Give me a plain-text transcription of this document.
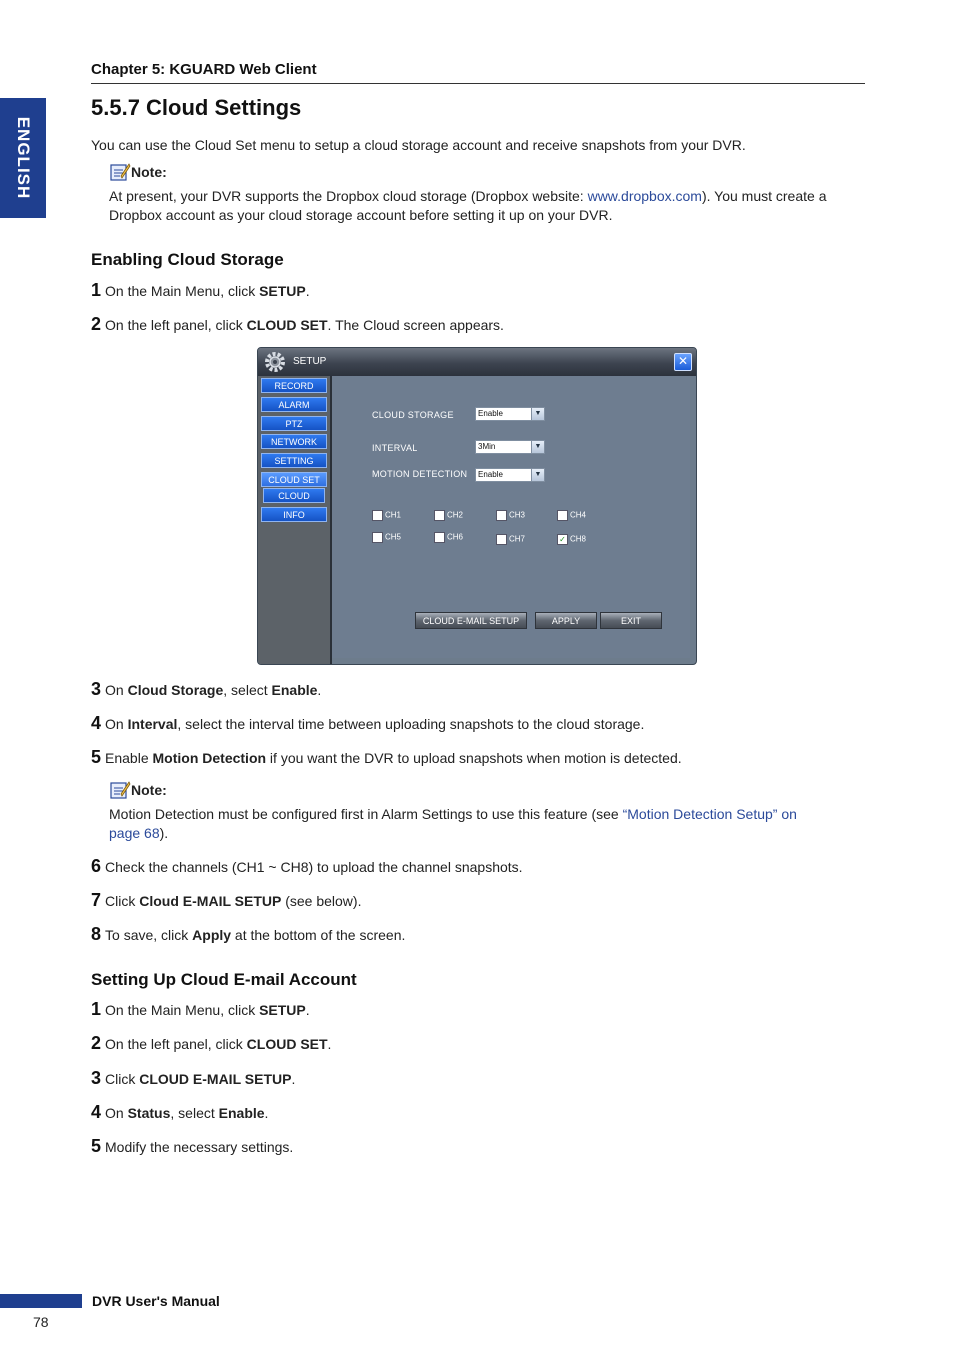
Chapter 5: KGUARD Web Client
ENGLISH
5.5.7 Cloud Settings
You can use the Cloud Set menu to setup a cloud storage account and receive snapshots from your DVR.
Note:
At present, your DVR supports the Dropbox cloud storage (Dropbox website: www.dropbox.com). You must create a
Dropbox account as your cloud storage account before setting it up on your DVR.
Enabling Cloud Storage
1 On the Main Menu, click SETUP.
2 On the left panel, click CLOUD SET. The Cloud screen appears.
SETUP	✕
RECORD
ALARM
PTZ
NETWORK
SETTING
CLOUD SET
CLOUD
INFO
CLOUD STORAGE	Enable	▼
INTERVAL	3Min	▼
MOTION DETECTION	Enable	▼
CH1	CH2	CH3	CH4
CH5	CH6	CH7	✓ CH8
CLOUD E-MAIL SETUP	APPLY	EXIT
3 On Cloud Storage, select Enable.
4 On Interval, select the interval time between uploading snapshots to the cloud storage.
5 Enable Motion Detection if you want the DVR to upload snapshots when motion is detected.
Note:
Motion Detection must be configured first in Alarm Settings to use this feature (see “Motion Detection Setup” on
page 68).
6 Check the channels (CH1 ~ CH8) to upload the channel snapshots.
7 Click Cloud E-MAIL SETUP (see below).
8 To save, click Apply at the bottom of the screen.
Setting Up Cloud E-mail Account
1 On the Main Menu, click SETUP.
2 On the left panel, click CLOUD SET.
3 Click CLOUD E-MAIL SETUP.
4 On Status, select Enable.
5 Modify the necessary settings.
DVR User's Manual
78
